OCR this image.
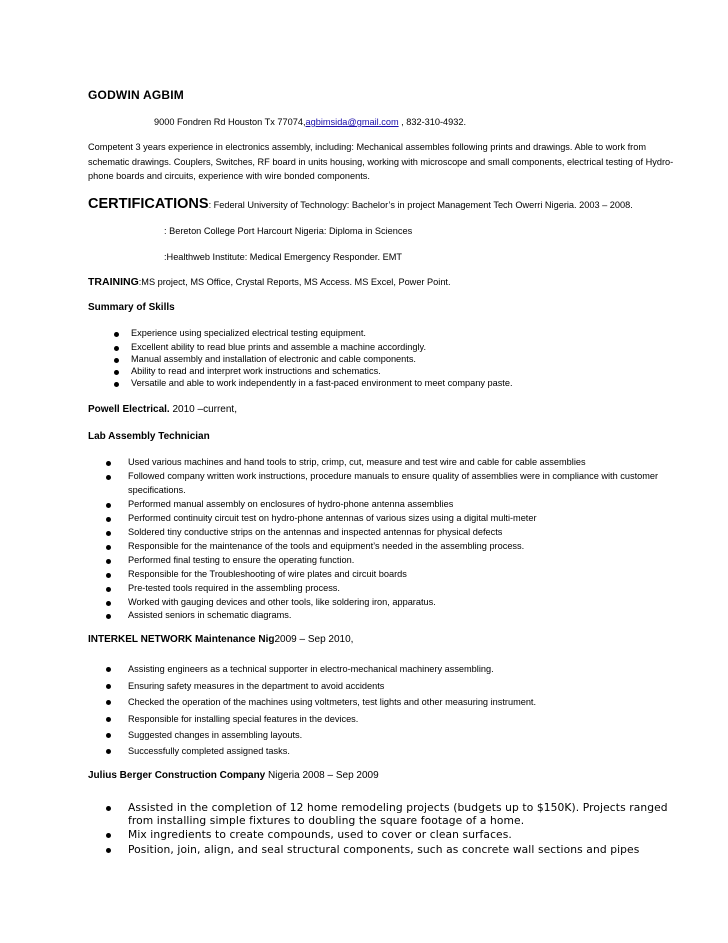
GODWIN AGBIM
9000 Fondren Rd Houston Tx 77074,agbimsida@gmail.com , 832-310-4932.
Competent 3 years experience in electronics assembly, including: Mechanical assembles following prints and drawings. Able to work from
schematic drawings. Couplers, Switches, RF board in units housing, working with microscope and small components, electrical testing of Hydro-
phone boards and circuits, experience with wire bonded components.
CERTIFICATIONS: Federal University of Technology: Bachelor’s in project Management Tech Owerri Nigeria. 2003 – 2008.
: Bereton College Port Harcourt Nigeria: Diploma in Sciences
:Healthweb Institute: Medical Emergency Responder. EMT
TRAINING:MS project, MS Office, Crystal Reports, MS Access. MS Excel, Power Point.
Summary of Skills
Experience using specialized electrical testing equipment.
Excellent ability to read blue prints and assemble a machine accordingly.
Manual assembly and installation of electronic and cable components.
Ability to read and interpret work instructions and schematics.
Versatile and able to work independently in a fast-paced environment to meet company paste.
Powell Electrical. 2010 –current,
Lab Assembly Technician
Used various machines and hand tools to strip, crimp, cut, measure and test wire and cable for cable assemblies
Followed company written work instructions, procedure manuals to ensure quality of assemblies were in compliance with customer
specifications.
Performed manual assembly on enclosures of hydro-phone antenna assemblies
Performed continuity circuit test on hydro-phone antennas of various sizes using a digital multi-meter
Soldered tiny conductive strips on the antennas and inspected antennas for physical defects
Responsible for the maintenance of the tools and equipment’s needed in the assembling process.
Performed final testing to ensure the operating function.
Responsible for the Troubleshooting of wire plates and circuit boards
Pre-tested tools required in the assembling process.
Worked with gauging devices and other tools, like soldering iron, apparatus.
Assisted seniors in schematic diagrams.
INTERKEL NETWORK Maintenance Nig2009 – Sep 2010,
Assisting engineers as a technical supporter in electro-mechanical machinery assembling.
Ensuring safety measures in the department to avoid accidents
Checked the operation of the machines using voltmeters, test lights and other measuring instrument.
Responsible for installing special features in the devices.
Suggested changes in assembling layouts.
Successfully completed assigned tasks.
Julius Berger Construction Company Nigeria 2008 – Sep 2009
Assisted in the completion of 12 home remodeling projects (budgets up to $150K). Projects ranged
from installing simple fixtures to doubling the square footage of a home.
Mix ingredients to create compounds, used to cover or clean surfaces.
Position, join, align, and seal structural components, such as concrete wall sections and pipes
